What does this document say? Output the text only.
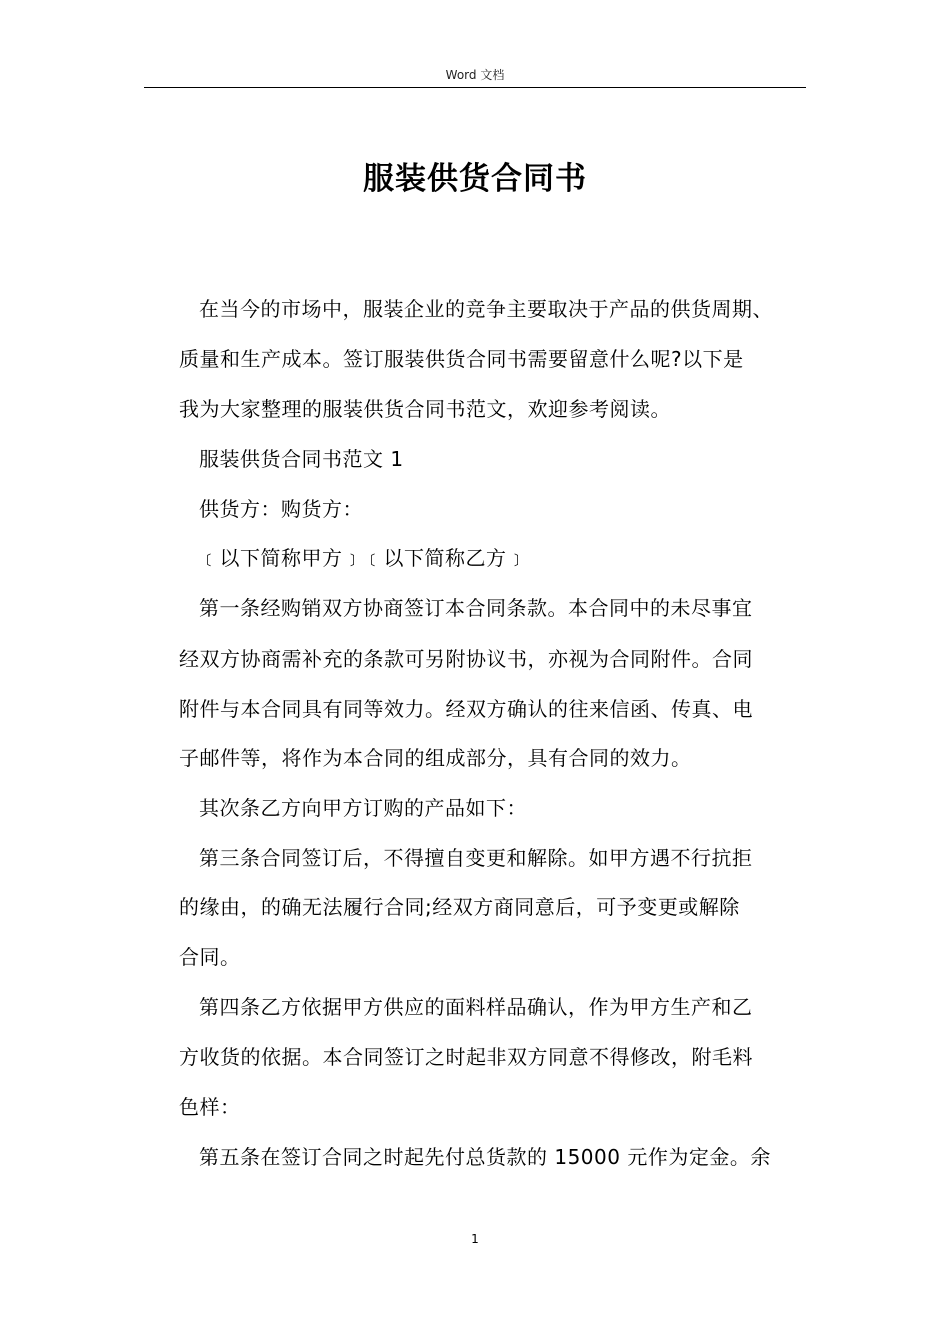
Word 文档
服装供货合同书
在当今的市场中，服装企业的竞争主要取决于产品的供货周期、
质量和生产成本。签订服装供货合同书需要留意什么呢?以下是
我为大家整理的服装供货合同书范文，欢迎参考阅读。
服装供货合同书范文 1
供货方：购货方：
﹝以下简称甲方﹞﹝以下简称乙方﹞
第一条经购销双方协商签订本合同条款。本合同中的未尽事宜
经双方协商需补充的条款可另附协议书，亦视为合同附件。合同
附件与本合同具有同等效力。经双方确认的往来信函、传真、电
子邮件等，将作为本合同的组成部分，具有合同的效力。
其次条乙方向甲方订购的产品如下：
第三条合同签订后，不得擅自变更和解除。如甲方遇不行抗拒
的缘由，的确无法履行合同;经双方商同意后，可予变更或解除
合同。
第四条乙方依据甲方供应的面料样品确认，作为甲方生产和乙
方收货的依据。本合同签订之时起非双方同意不得修改，附毛料
色样：
第五条在签订合同之时起先付总货款的 15000 元作为定金。余
1
